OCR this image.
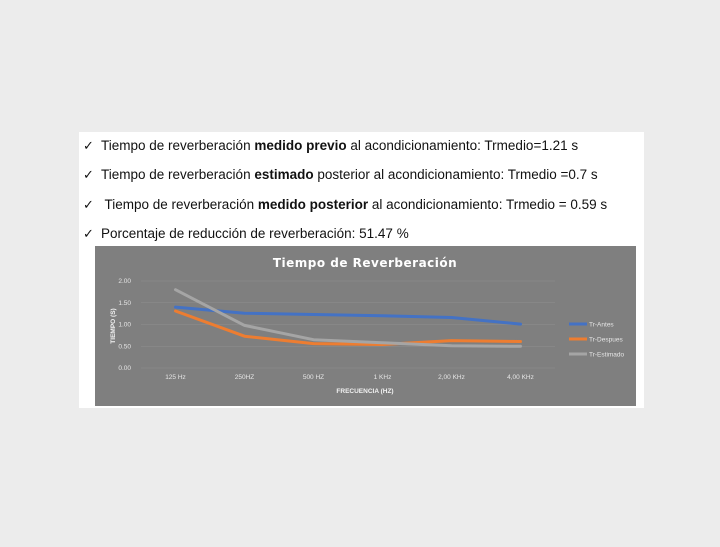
✓ Tiempo de reverberación medido previo al acondicionamiento: Trmedio=1.21 s
✓ Tiempo de reverberación estimado posterior al acondicionamiento: Trmedio =0.7 s
✓ Tiempo de reverberación medido posterior al acondicionamiento: Trmedio = 0.59 s
✓ Porcentaje de reducción de reverberación: 51.47 %
Tiempo de Reverberación
0.00
0.50
1.00
1.50
2.00
125 Hz	250HZ	500 HZ	1 KHz	2,00 KHz	4,00 KHz
Tr-Antes
Tr-Despues
Tr-Estimado
FRECUENCIA (HZ)
TIEMPO (S)
